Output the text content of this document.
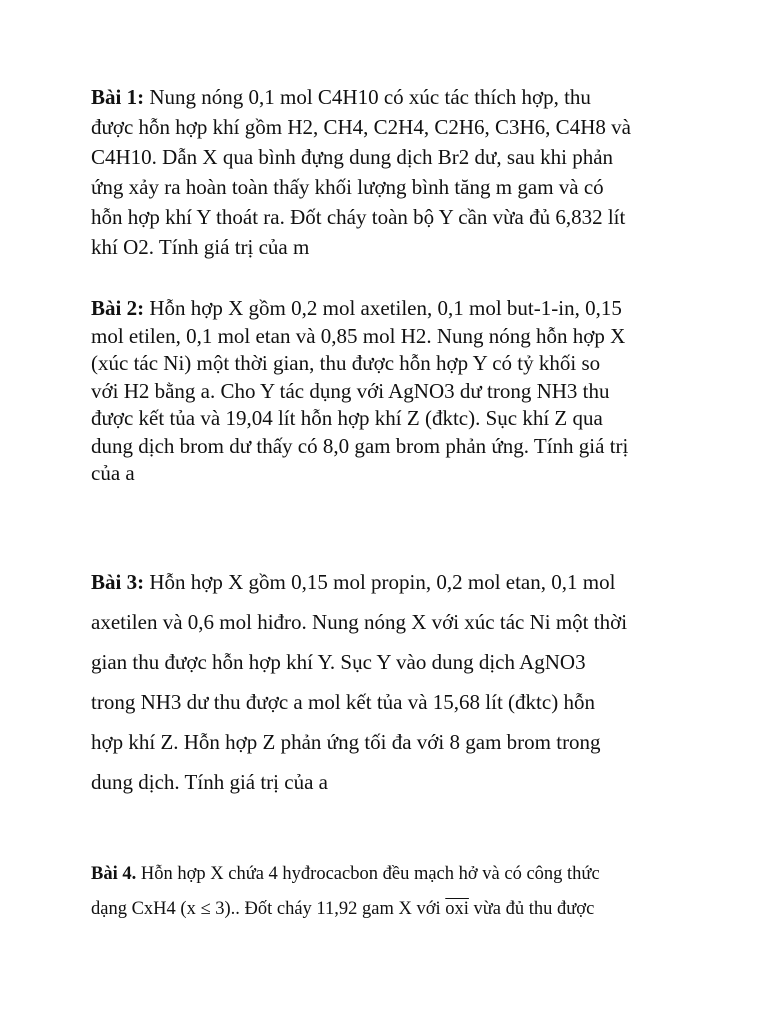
Bài 1: Nung nóng 0,1 mol C4H10 có xúc tác thích hợp, thu
được hỗn hợp khí gồm H2, CH4, C2H4, C2H6, C3H6, C4H8 và
C4H10. Dẫn X qua bình đựng dung dịch Br2 dư, sau khi phản
ứng xảy ra hoàn toàn thấy khối lượng bình tăng m gam và có
hỗn hợp khí Y thoát ra. Đốt cháy toàn bộ Y cần vừa đủ 6,832 lít
khí O2. Tính giá trị của m

Bài 2: Hỗn hợp X gồm 0,2 mol axetilen, 0,1 mol but-1-in, 0,15
mol etilen, 0,1 mol etan và 0,85 mol H2. Nung nóng hỗn hợp X
(xúc tác Ni) một thời gian, thu được hỗn hợp Y có tỷ khối so
với H2 bằng a. Cho Y tác dụng với AgNO3 dư trong NH3 thu
được kết tủa và 19,04 lít hỗn hợp khí Z (đktc). Sục khí Z qua
dung dịch brom dư thấy có 8,0 gam brom phản ứng. Tính giá trị
của a

Bài 3: Hỗn hợp X gồm 0,15 mol propin, 0,2 mol etan, 0,1 mol
axetilen và 0,6 mol hiđro. Nung nóng X với xúc tác Ni một thời
gian thu được hỗn hợp khí Y. Sục Y vào dung dịch AgNO3
trong NH3 dư thu được a mol kết tủa và 15,68 lít (đktc) hỗn
hợp khí Z. Hỗn hợp Z phản ứng tối đa với 8 gam brom trong
dung dịch. Tính giá trị của a

Bài 4. Hỗn hợp X chứa 4 hyđrocacbon đều mạch hở và có công thức
dạng CxH4 (x ≤ 3).. Đốt cháy 11,92 gam X với $\overline{oxi}$ vừa đủ thu được
